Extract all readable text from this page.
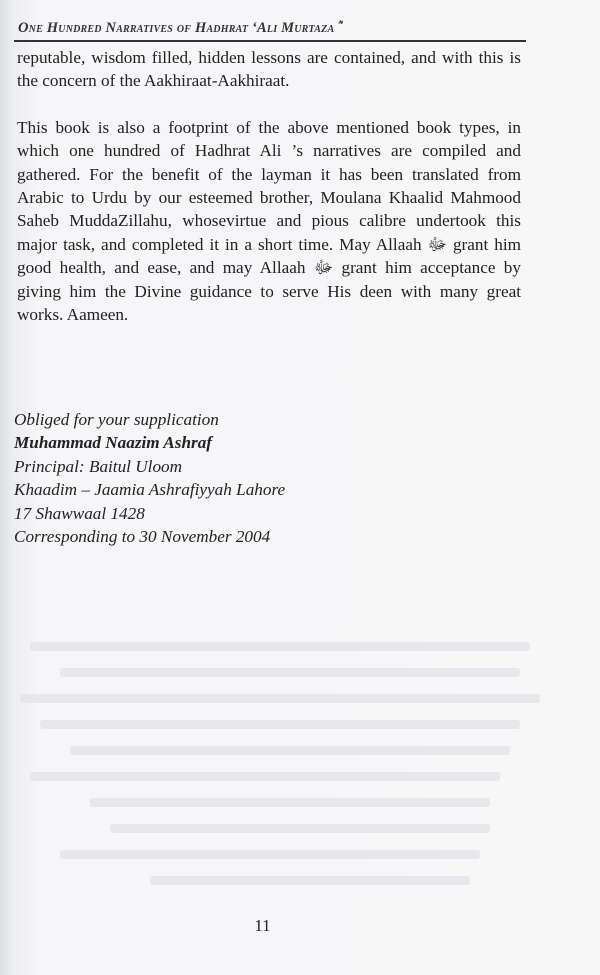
One Hundred Narratives of Hadhrat ‘Ali Murtaza

reputable, wisdom filled, hidden lessons are contained, and with this is the concern of the Aakhiraat-Aakhiraat.

This book is also a footprint of the above mentioned book types, in which one hundred of Hadhrat Ali ’s narratives are compiled and gathered. For the benefit of the layman it has been translated from Arabic to Urdu by our esteemed brother, Moulana Khaalid Mahmood Saheb MuddaZillahu, whosevirtue and pious calibre undertook this major task, and completed it in a short time. May Allaah ﷻ grant him good health, and ease, and may Allaah ﷻ grant him acceptance by giving him the Divine guidance to serve His deen with many great works. Aameen.

Obliged for your supplication
Muhammad Naazim Ashraf
Principal: Baitul Uloom
Khaadim – Jaamia Ashrafiyyah Lahore
17 Shawwaal 1428
Corresponding to 30 November 2004
11
